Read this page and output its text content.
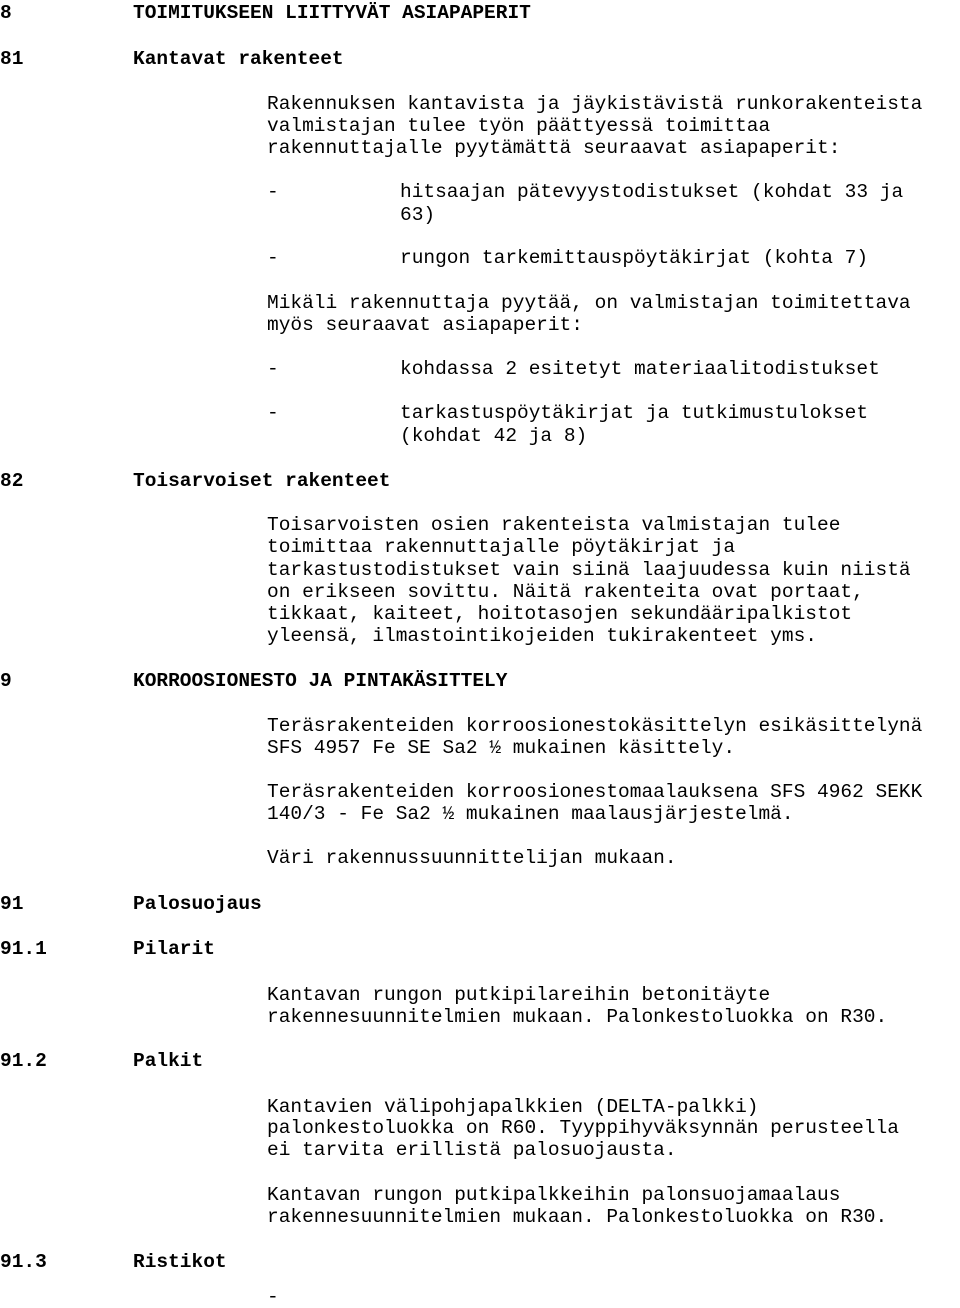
8	TOIMITUKSEEN LIITTYVÄT ASIAPAPERIT
81	Kantavat rakenteet
Rakennuksen kantavista ja jäykistävistä runkorakenteista
valmistajan tulee työn päättyessä toimittaa
rakennuttajalle pyytämättä seuraavat asiapaperit:
-	hitsaajan pätevyystodistukset (kohdat 33 ja
63)
-	rungon tarkemittauspöytäkirjat (kohta 7)
Mikäli rakennuttaja pyytää, on valmistajan toimitettava
myös seuraavat asiapaperit:
-	kohdassa 2 esitetyt materiaalitodistukset
-	tarkastuspöytäkirjat ja tutkimustulokset
(kohdat 42 ja 8)
82	Toisarvoiset rakenteet
Toisarvoisten osien rakenteista valmistajan tulee
toimittaa rakennuttajalle pöytäkirjat ja
tarkastustodistukset vain siinä laajuudessa kuin niistä
on erikseen sovittu. Näitä rakenteita ovat portaat,
tikkaat, kaiteet, hoitotasojen sekundääripalkistot
yleensä, ilmastointikojeiden tukirakenteet yms.
9	KORROOSIONESTO JA PINTAKÄSITTELY
Teräsrakenteiden korroosionestokäsittelyn esikäsittelynä
SFS 4957 Fe SE Sa2 ½ mukainen käsittely.
Teräsrakenteiden korroosionestomaalauksena SFS 4962 SEKK
140/3 - Fe Sa2 ½ mukainen maalausjärjestelmä.
Väri rakennussuunnittelijan mukaan.
91	Palosuojaus
91.1	Pilarit
Kantavan rungon putkipilareihin betonitäyte
rakennesuunnitelmien mukaan. Palonkestoluokka on R30.
91.2	Palkit
Kantavien välipohjapalkkien (DELTA-palkki)
palonkestoluokka on R60. Tyyppihyväksynnän perusteella
ei tarvita erillistä palosuojausta.
Kantavan rungon putkipalkkeihin palonsuojamaalaus
rakennesuunnitelmien mukaan. Palonkestoluokka on R30.
91.3	Ristikot
-
